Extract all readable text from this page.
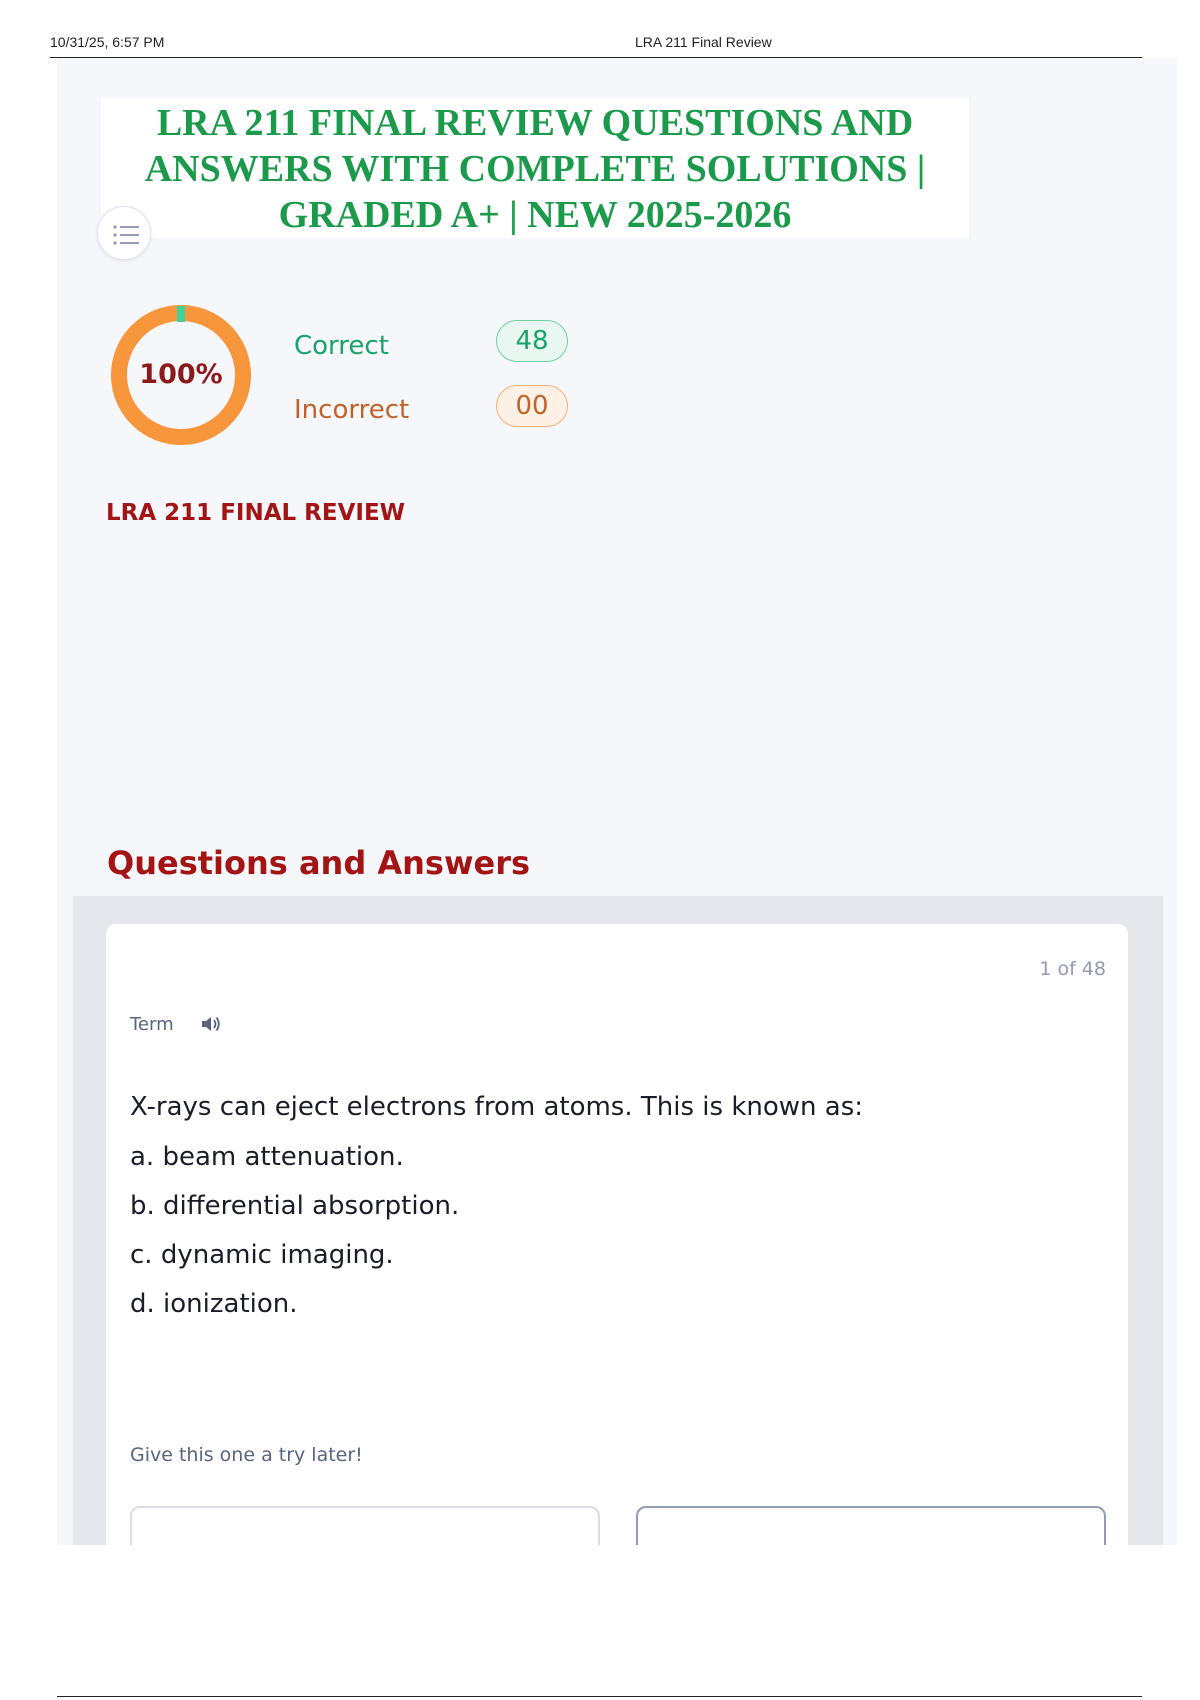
10/31/25, 6:57 PM	LRA 211 Final Review
LRA 211 FINAL REVIEW QUESTIONS AND
ANSWERS WITH COMPLETE SOLUTIONS |
GRADED A+ | NEW 2025-2026
100%
Correct	48
Incorrect	00
LRA 211 FINAL REVIEW
Questions and Answers
1 of 48
Term
X-rays can eject electrons from atoms. This is known as:
a. beam attenuation.
b. differential absorption.
c. dynamic imaging.
d. ionization.
Give this one a try later!
